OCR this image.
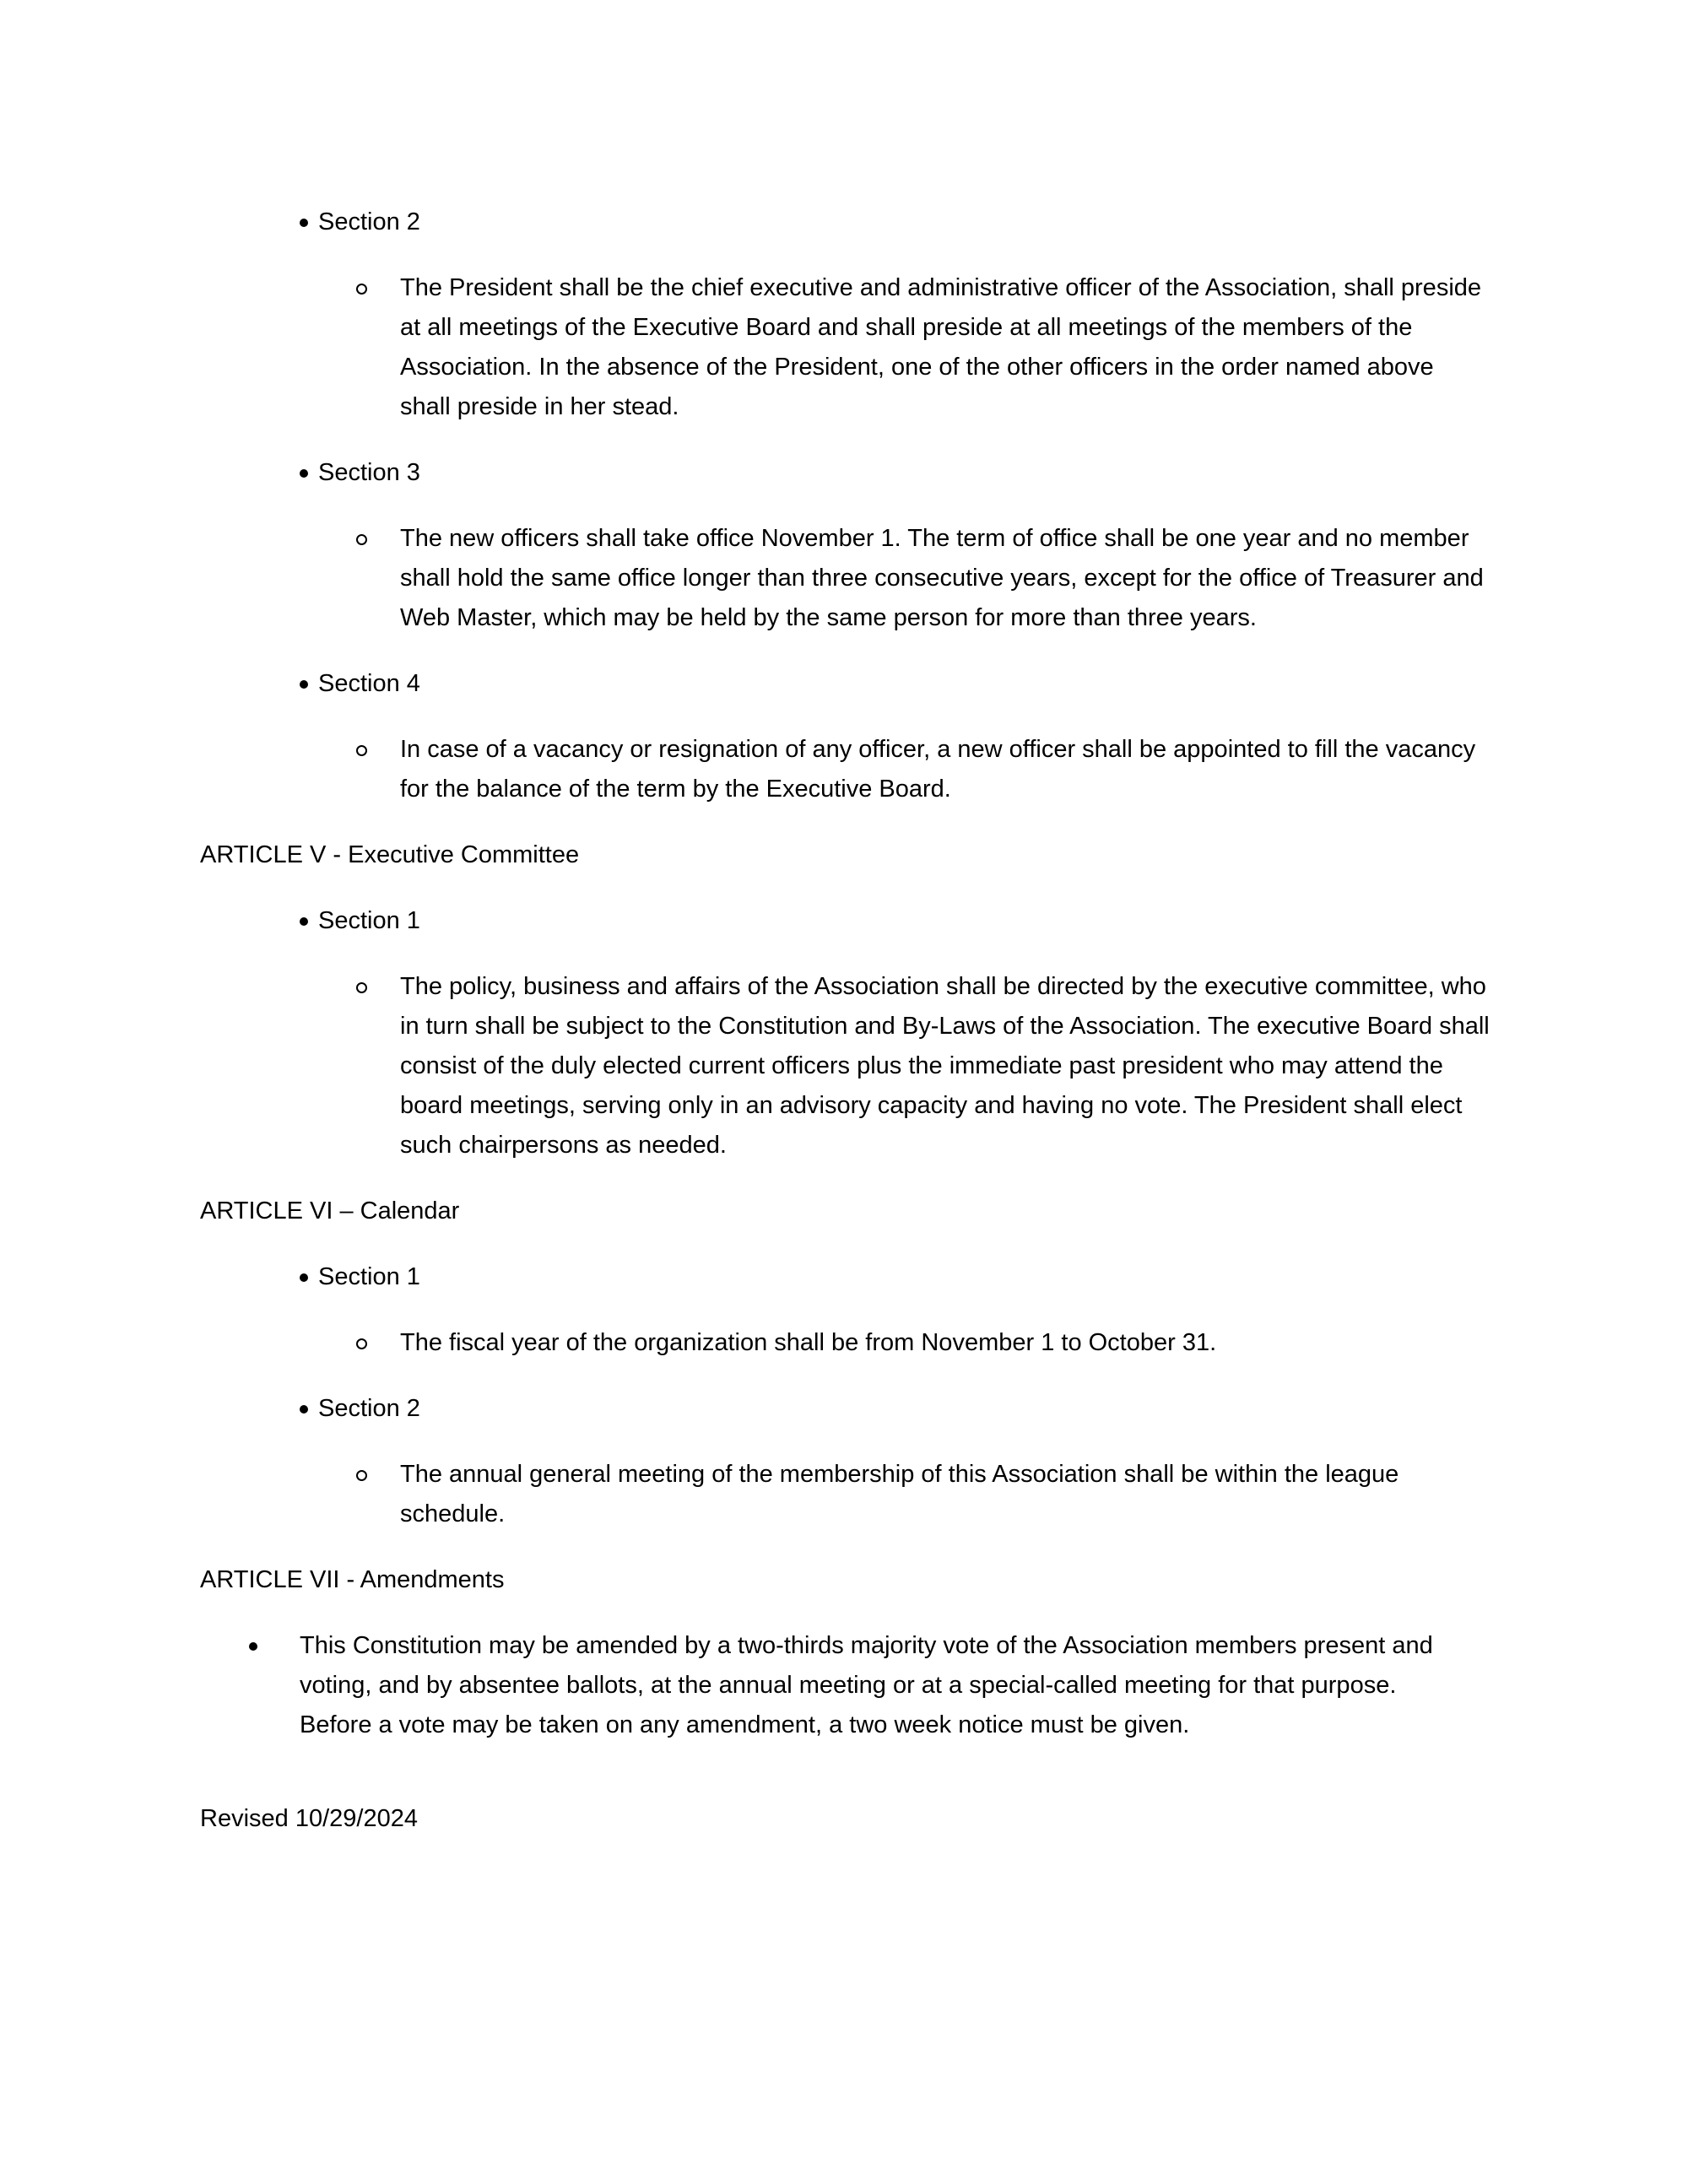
Section 2
The President shall be the chief executive and administrative officer of the Association, shall preside at all meetings of the Executive Board and shall preside at all meetings of the members of the Association. In the absence of the President, one of the other officers in the order named above shall preside in her stead.
Section 3
The new officers shall take office November 1. The term of office shall be one year and no member shall hold the same office longer than three consecutive years, except for the office of Treasurer and Web Master, which may be held by the same person for more than three years.
Section 4
In case of a vacancy or resignation of any officer, a new officer shall be appointed to fill the vacancy for the balance of the term by the Executive Board.
ARTICLE V - Executive Committee
Section 1
The policy, business and affairs of the Association shall be directed by the executive committee, who in turn shall be subject to the Constitution and By-Laws of the Association. The executive Board shall consist of the duly elected current officers plus the immediate past president who may attend the board meetings, serving only in an advisory capacity and having no vote. The President shall elect such chairpersons as needed.
ARTICLE VI – Calendar
Section 1
The fiscal year of the organization shall be from November 1 to October 31.
Section 2
The annual general meeting of the membership of this Association shall be within the league schedule.
ARTICLE VII - Amendments
This Constitution may be amended by a two-thirds majority vote of the Association members present and voting, and by absentee ballots, at the annual meeting or at a special-called meeting for that purpose. Before a vote may be taken on any amendment, a two week notice must be given.
Revised 10/29/2024
